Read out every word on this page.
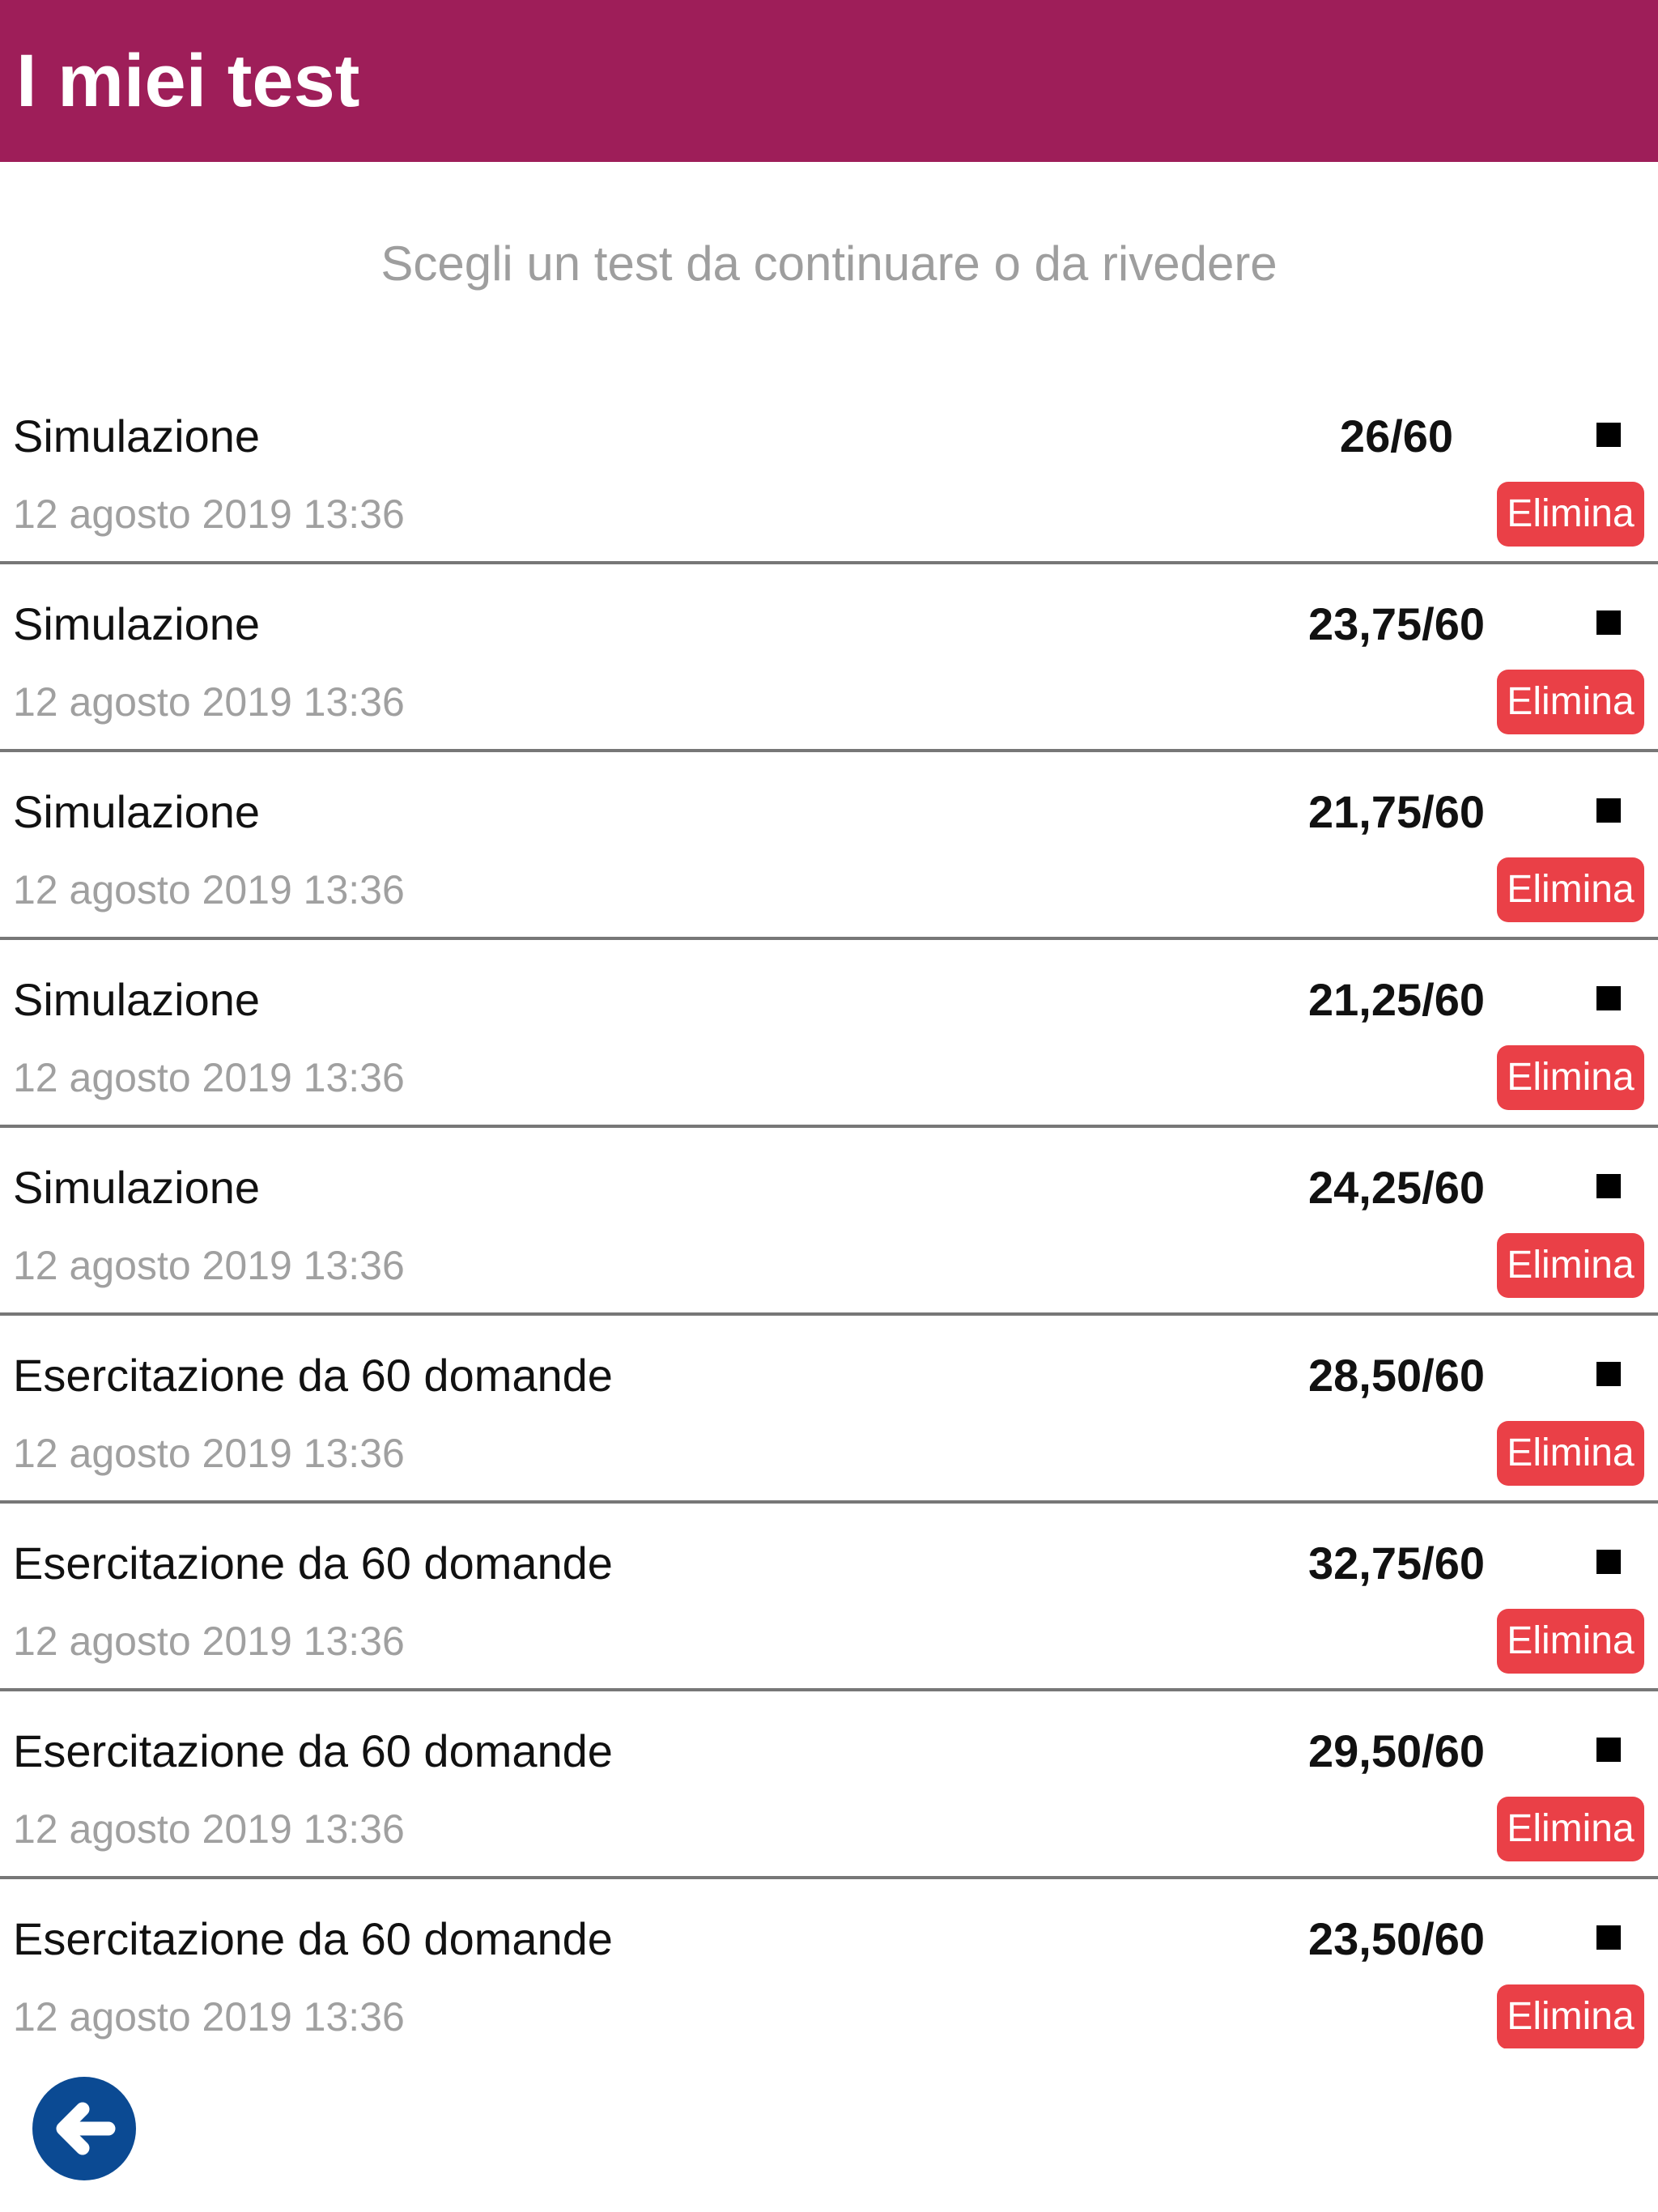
I miei test
Scegli un test da continuare o da rivedere
Simulazione	26/60
12 agosto 2019 13:36	Elimina
Simulazione	23,75/60
12 agosto 2019 13:36	Elimina
Simulazione	21,75/60
12 agosto 2019 13:36	Elimina
Simulazione	21,25/60
12 agosto 2019 13:36	Elimina
Simulazione	24,25/60
12 agosto 2019 13:36	Elimina
Esercitazione da 60 domande	28,50/60
12 agosto 2019 13:36	Elimina
Esercitazione da 60 domande	32,75/60
12 agosto 2019 13:36	Elimina
Esercitazione da 60 domande	29,50/60
12 agosto 2019 13:36	Elimina
Esercitazione da 60 domande	23,50/60
12 agosto 2019 13:36	Elimina
